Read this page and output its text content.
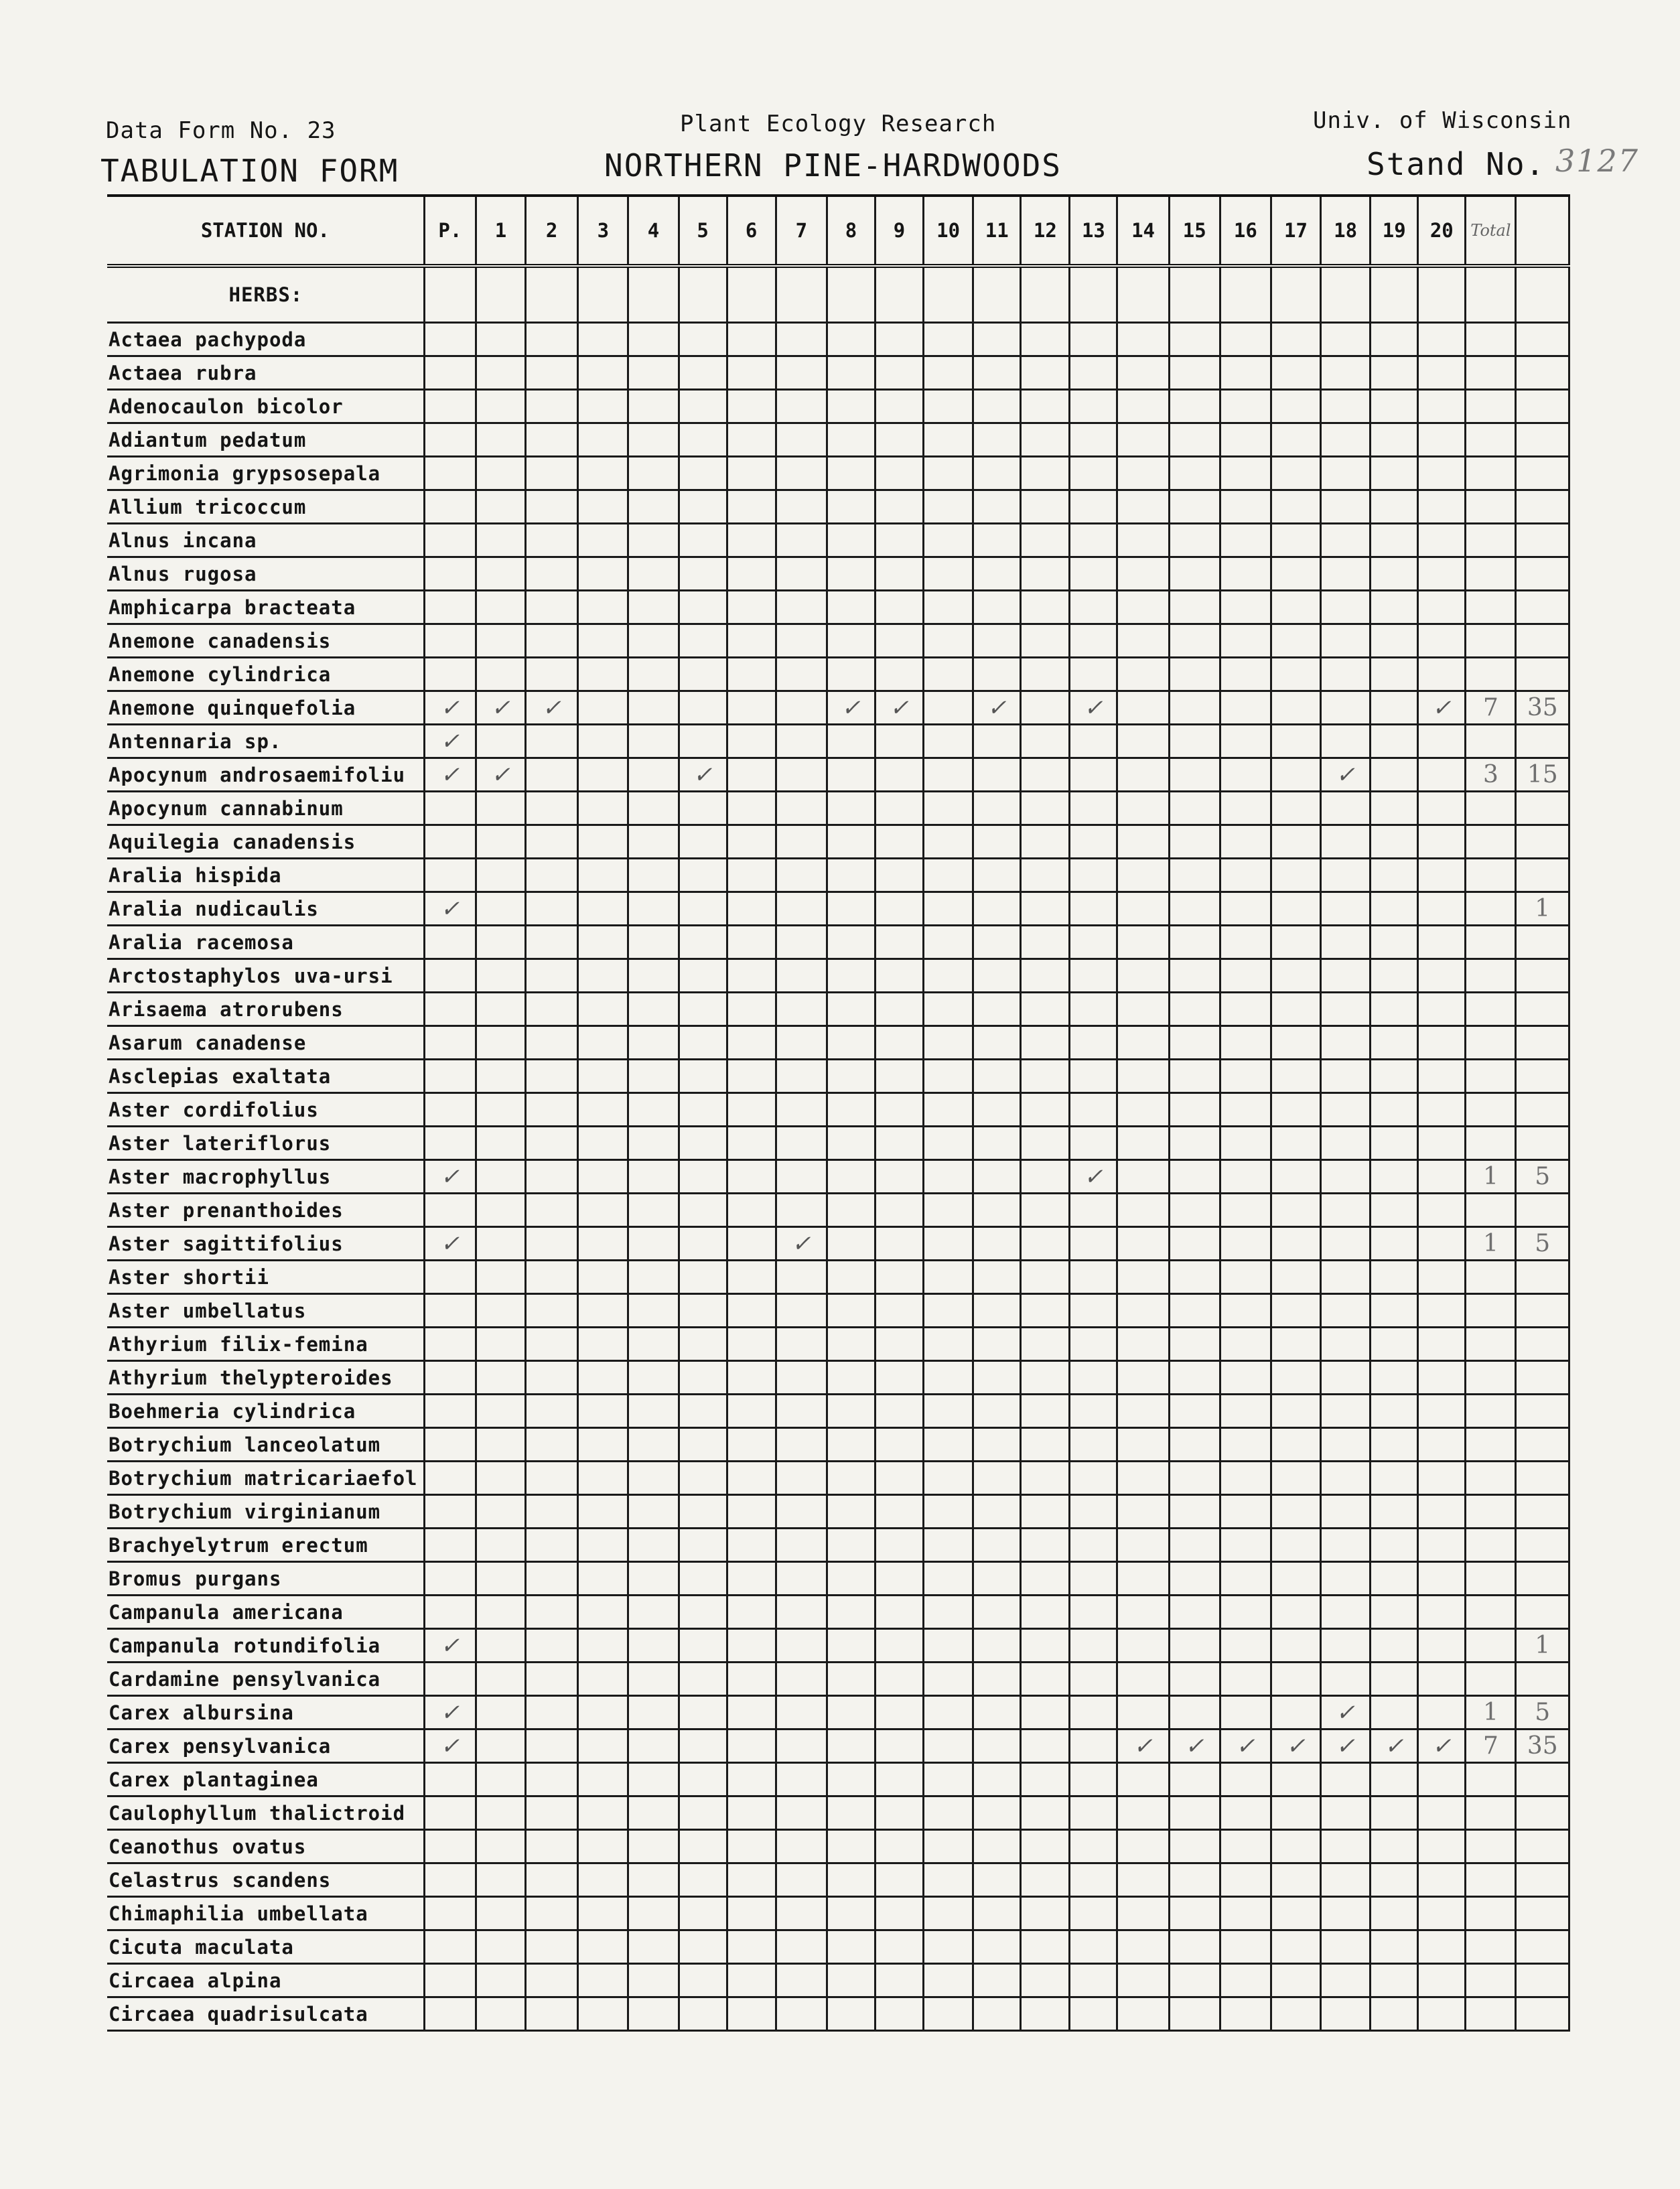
Data Form No. 23
TABULATION FORM
Plant Ecology Research
NORTHERN PINE-HARDWOODS
Univ. of Wisconsin
Stand No. 3127
STATION NO.	P.	1	2	3	4	5	6	7	8	9	10	11	12	13	14	15	16	17	18	19	20	Total	

HERBS:																							

Actaea pachypoda																							
Actaea rubra																							
Adenocaulon bicolor																							
Adiantum pedatum																							
Agrimonia grypsosepala																							
Allium tricoccum																							
Alnus incana																							
Alnus rugosa																							
Amphicarpa bracteata																							
Anemone canadensis																							
Anemone cylindrica																							
Anemone quinquefolia	✓	✓	✓						✓	✓		✓		✓							✓	7	35
Antennaria sp.	✓																						
Apocynum androsaemifoliu	✓	✓				✓													✓			3	15
Apocynum cannabinum																							
Aquilegia canadensis																							
Aralia hispida																							
Aralia nudicaulis	✓																						1
Aralia racemosa																							
Arctostaphylos uva-ursi																							
Arisaema atrorubens																							
Asarum canadense																							
Asclepias exaltata																							
Aster cordifolius																							
Aster lateriflorus																							
Aster macrophyllus	✓													✓								1	5
Aster prenanthoides																							
Aster sagittifolius	✓							✓														1	5
Aster shortii																							
Aster umbellatus																							
Athyrium filix-femina																							
Athyrium thelypteroides																							
Boehmeria cylindrica																							
Botrychium lanceolatum																							
Botrychium matricariaefol																							
Botrychium virginianum																							
Brachyelytrum erectum																							
Bromus purgans																							
Campanula americana																							
Campanula rotundifolia	✓																						1
Cardamine pensylvanica																							
Carex albursina	✓																		✓			1	5
Carex pensylvanica	✓														✓	✓	✓	✓	✓	✓	✓	7	35
Carex plantaginea																							
Caulophyllum thalictroid																							
Ceanothus ovatus																							
Celastrus scandens																							
Chimaphilia umbellata																							
Cicuta maculata																							
Circaea alpina																							
Circaea quadrisulcata																							
